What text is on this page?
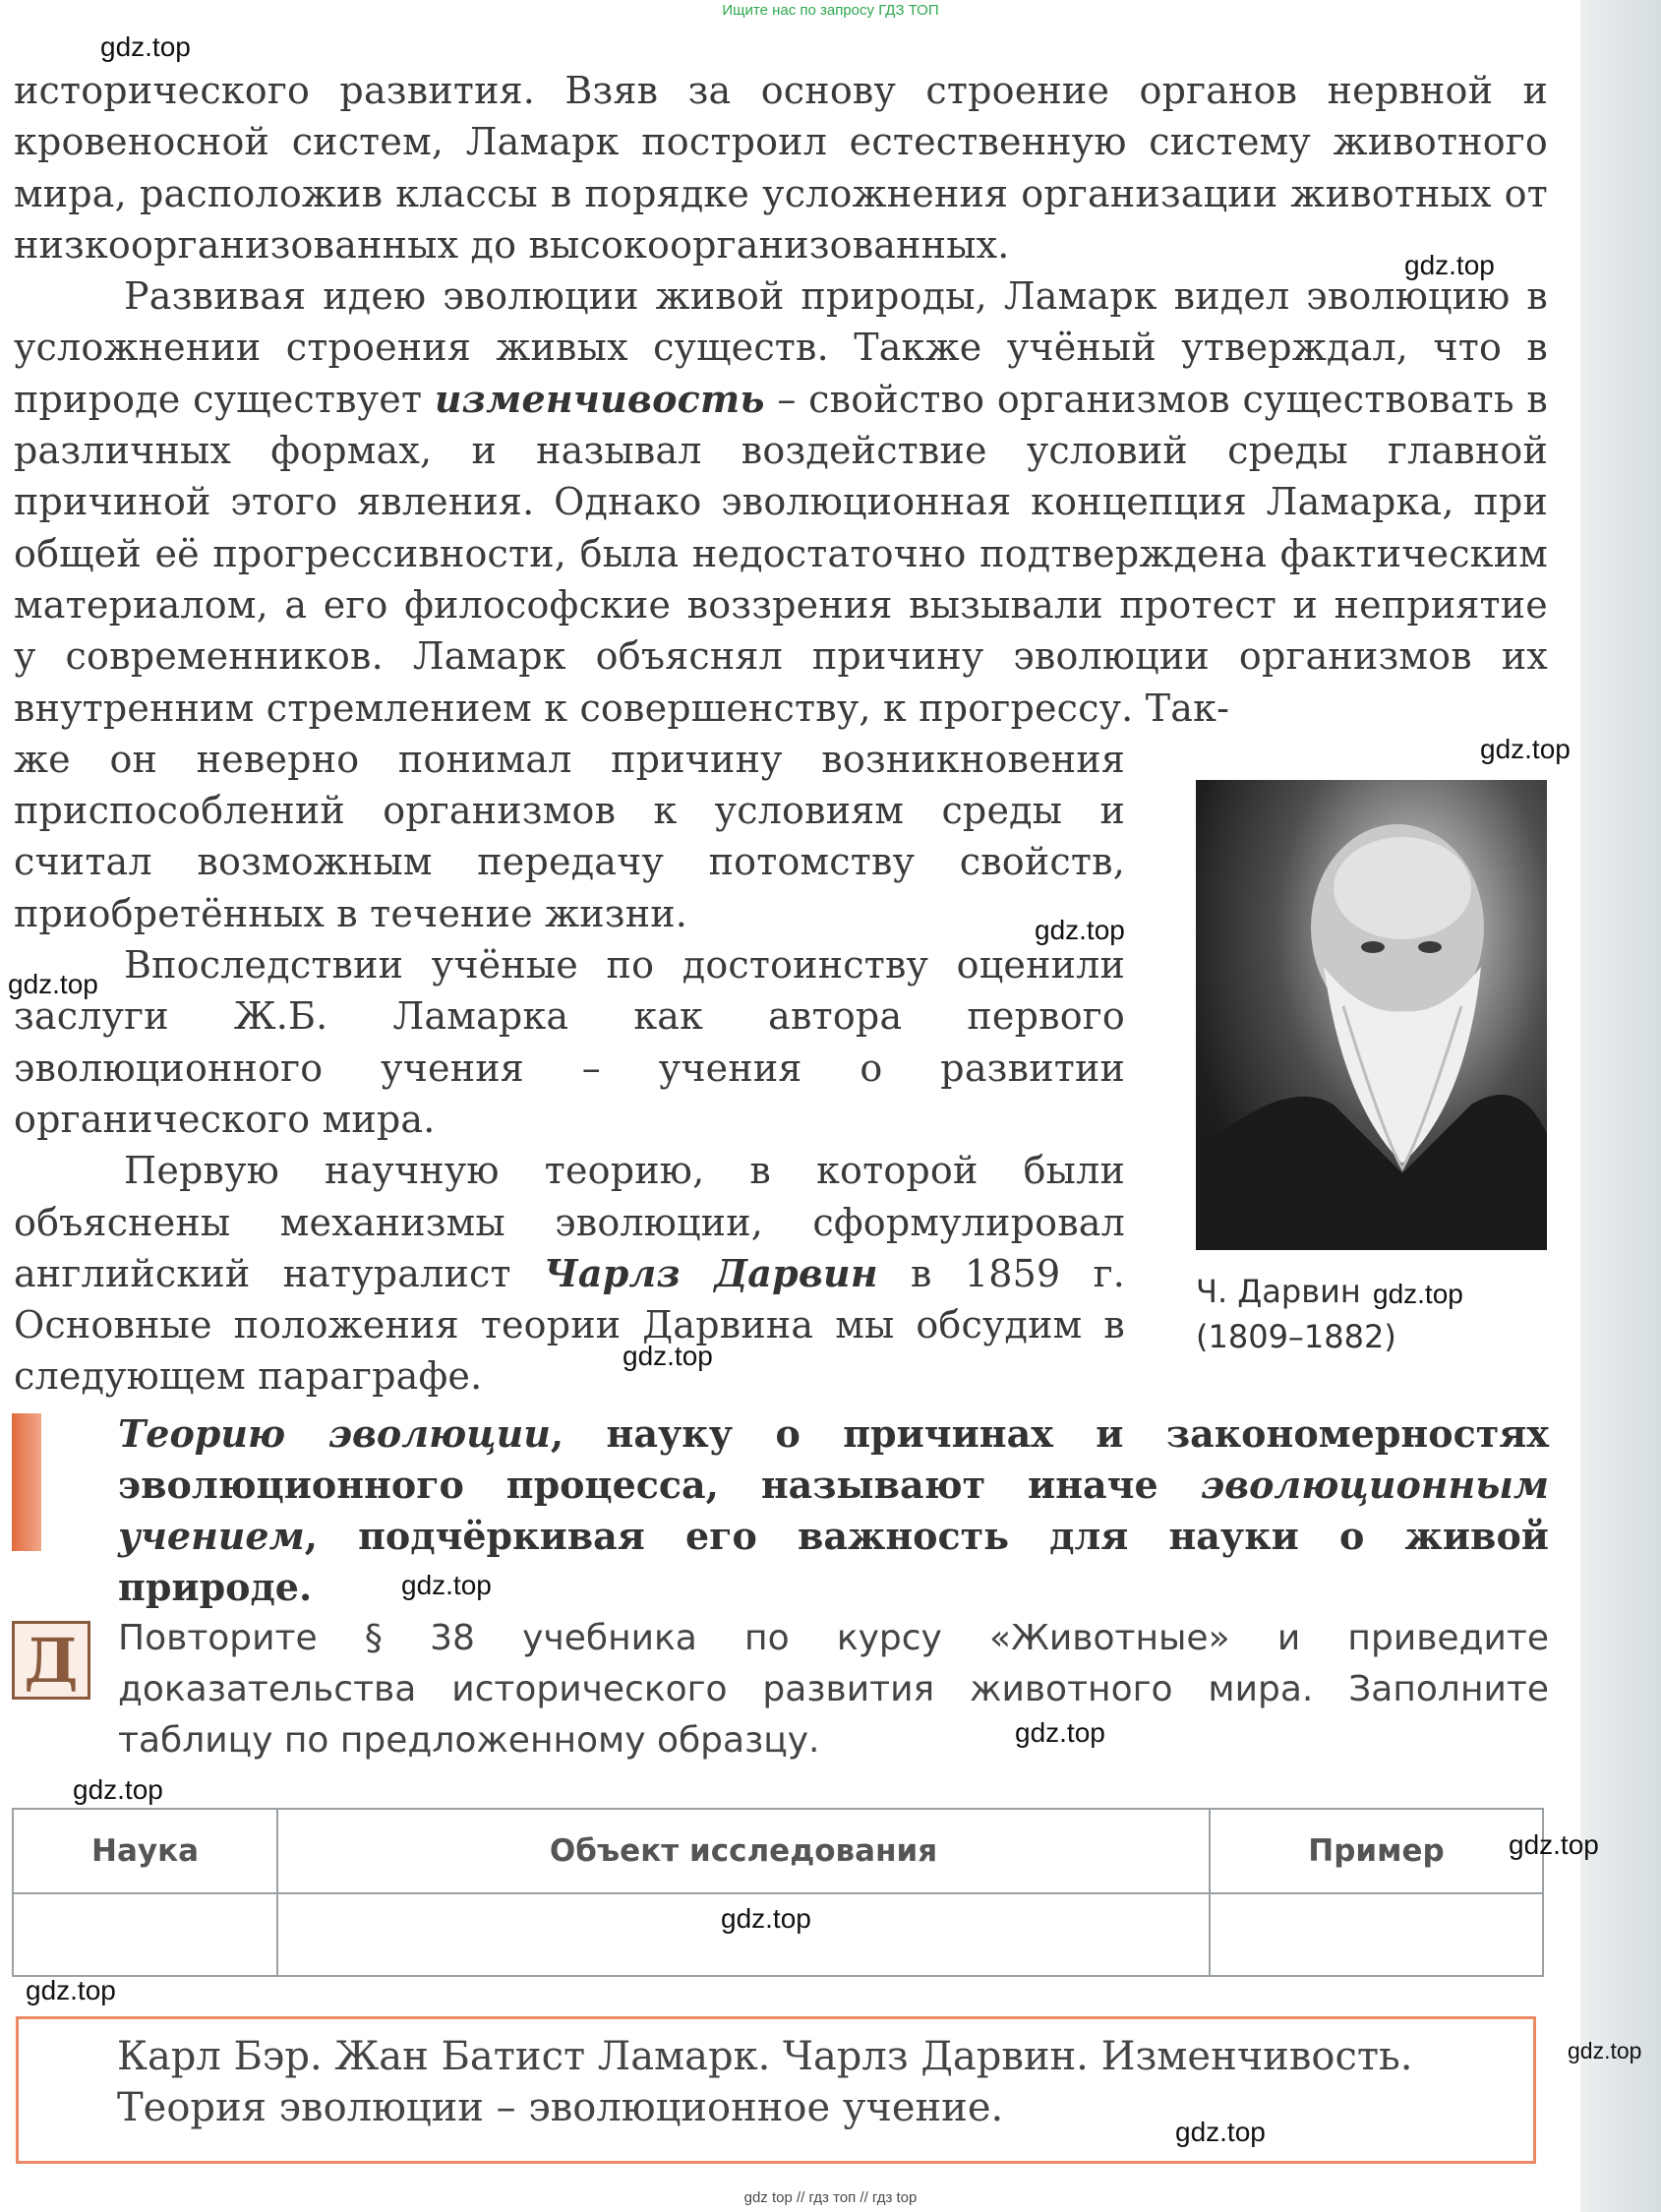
Ищите нас по запросу ГДЗ ТОП

исторического развития. Взяв за основу строение органов нервной и кровеносной систем, Ламарк построил естественную систему животного мира, расположив классы в порядке усложнения организации животных от низкоорганизованных до высокоорганизованных.

Развивая идею эволюции живой природы, Ламарк видел эволюцию в усложнении строения живых существ. Также учёный утверждал, что в природе существует изменчивость – свойство организмов существовать в различных формах, и называл воздействие условий среды главной причиной этого явления. Однако эволюционная концепция Ламарка, при общей её прогрессивности, была недостаточно подтверждена фактическим материалом, а его философские воззрения вызывали протест и неприятие у современников. Ламарк объяснял причину эволюции организмов их внутренним стремлением к совершенству, к прогрессу. Так-

же он неверно понимал причину возникновения приспособлений организмов к условиям среды и считал возможным передачу потомству свойств, приобретённых в течение жизни.

Впоследствии учёные по достоинству оценили заслуги Ж.Б. Ламарка как автора первого эволюционного учения – учения о развитии органического мира.

Первую научную теорию, в которой были объяснены механизмы эволюции, сформулировал английский натуралист Чарлз Дарвин в 1859 г. Основные положения теории Дарвина мы обсудим в следующем параграфе.

Ч. Дарвин
(1809–1882)
Теорию эволюции, науку о причинах и закономерностях эволюционного процесса, называют иначе эволюционным учением, подчёркивая его важность для науки о живой природе.
Д	Повторите § 38 учебника по курсу «Животные» и приведите доказательства исторического развития животного мира. Заполните таблицу по предложенному образцу.
Наука	Объект исследования	Пример

Карл Бэр. Жан Батист Ламарк. Чарлз Дарвин. Изменчивость.
Теория эволюции – эволюционное учение.
gdz.top
gdz.top
gdz.top
gdz.top
gdz.top
gdz.top
gdz.top
gdz.top
gdz.top
gdz.top
gdz.top
gdz.top
gdz.top
gdz.top
gdz.top
gdz top // гдз топ // гдз top
